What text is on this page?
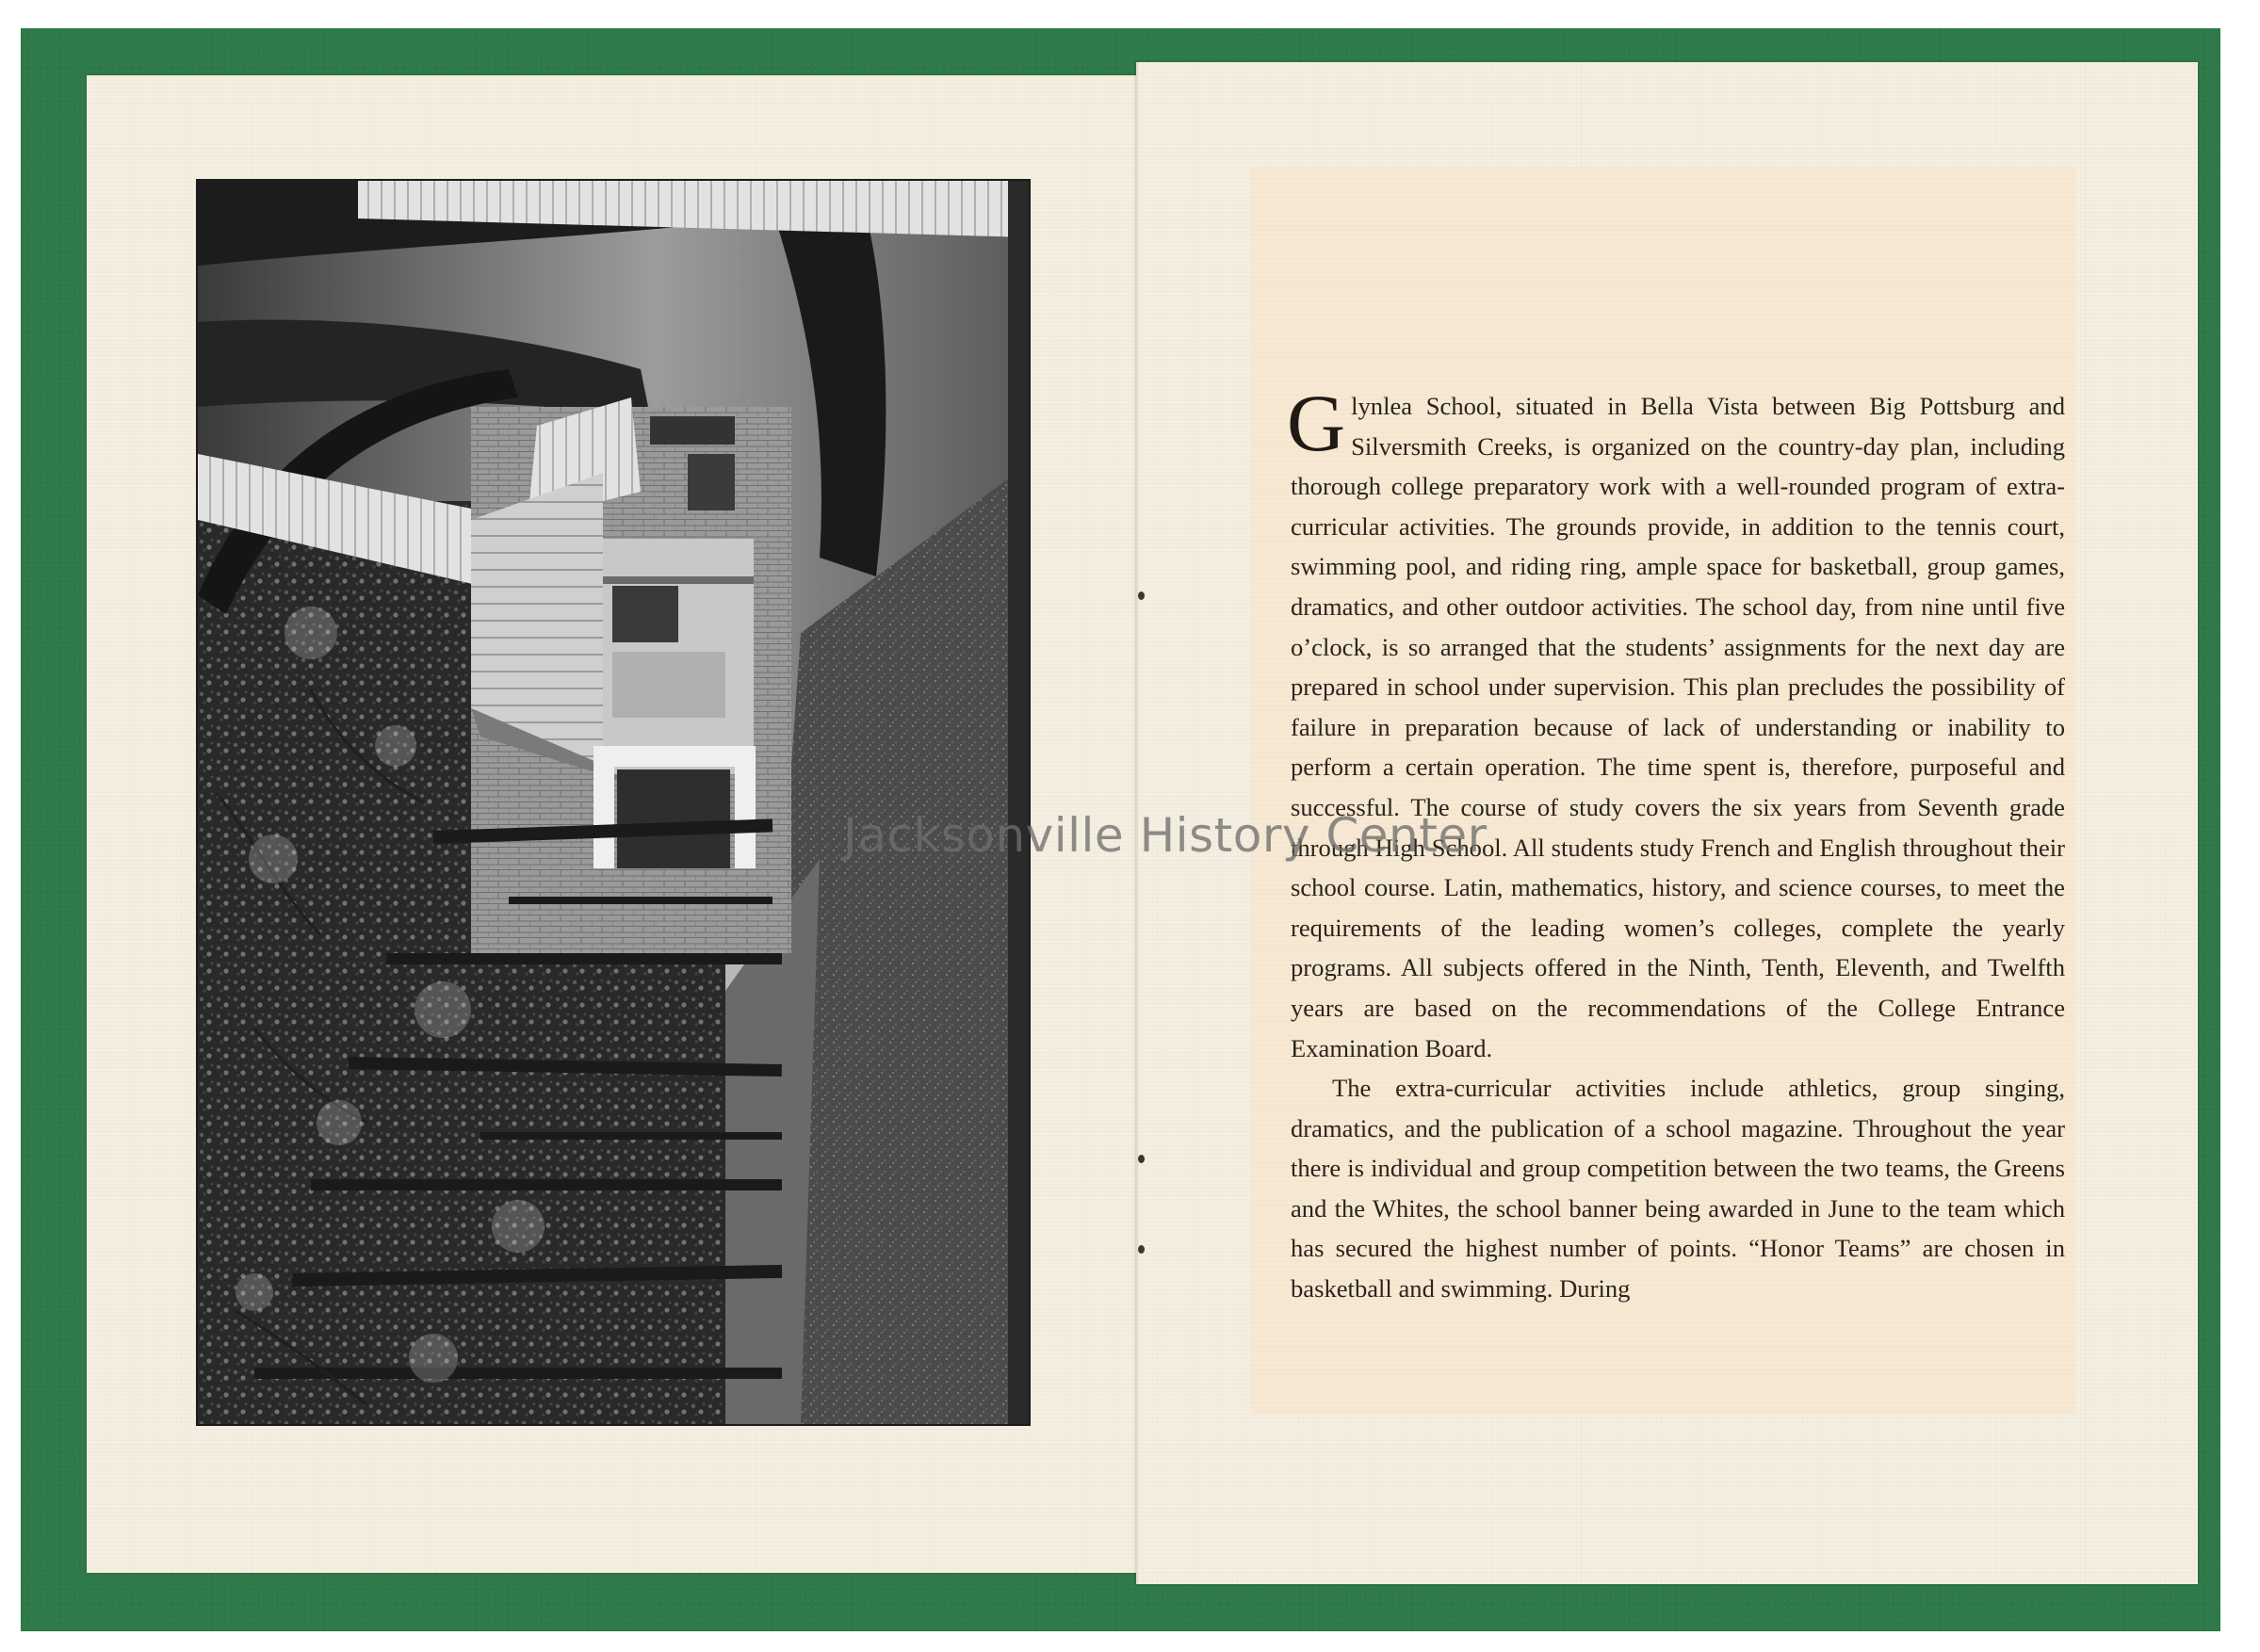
Glynlea School, situated in Bella Vista between Big Pottsburg and Silversmith Creeks, is organized on the country-day plan, including thorough college preparatory work with a well-rounded program of extra-curricular activities. The grounds provide, in addition to the tennis court, swimming pool, and riding ring, ample space for basketball, group games, dramatics, and other outdoor activities. The school day, from nine until five o’clock, is so arranged that the students’ assignments for the next day are prepared in school under supervision. This plan precludes the possibility of failure in preparation because of lack of understanding or inability to perform a certain operation. The time spent is, therefore, purposeful and successful. The course of study covers the six years from Seventh grade through High School. All students study French and English throughout their school course. Latin, mathematics, history, and science courses, to meet the requirements of the leading women’s colleges, complete the yearly programs. All subjects offered in the Ninth, Tenth, Eleventh, and Twelfth years are based on the recommendations of the College Entrance Examination Board.

The extra-curricular activities include athletics, group singing, dramatics, and the publication of a school magazine. Throughout the year there is individual and group competition between the two teams, the Greens and the Whites, the school banner being awarded in June to the team which has secured the highest number of points. “Honor Teams” are chosen in basketball and swimming. During

Jacksonville History Center
